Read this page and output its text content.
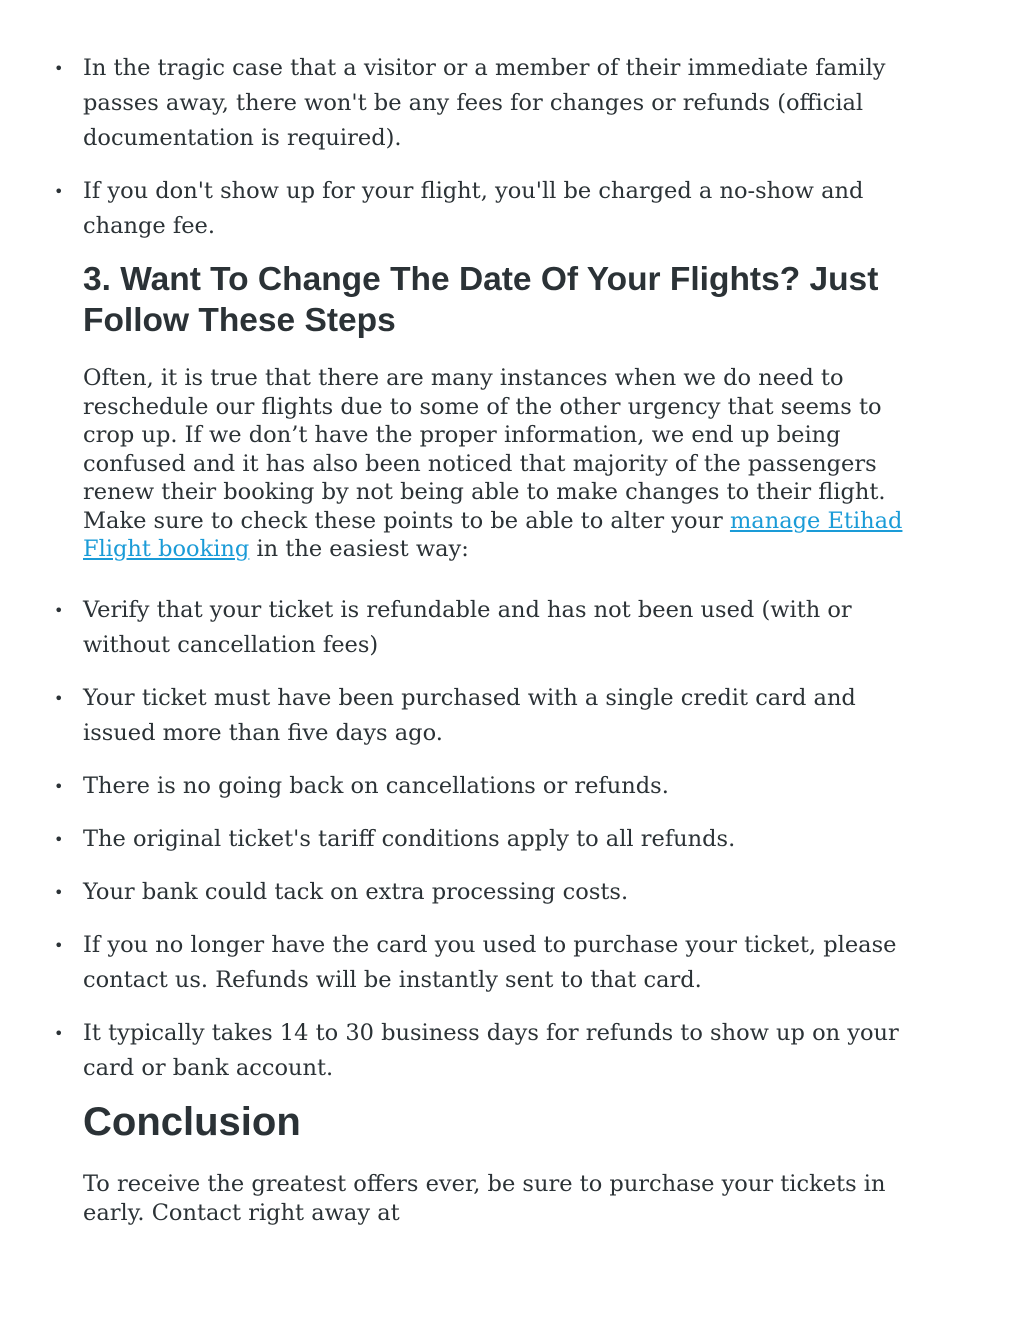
• In the tragic case that a visitor or a member of their immediate family passes away, there won't be any fees for changes or refunds (official documentation is required).
• If you don't show up for your flight, you'll be charged a no-show and change fee.
3. Want To Change The Date Of Your Flights? Just Follow These Steps

Often, it is true that there are many instances when we do need to reschedule our flights due to some of the other urgency that seems to crop up. If we don’t have the proper information, we end up being confused and it has also been noticed that majority of the passengers renew their booking by not being able to make changes to their flight. Make sure to check these points to be able to alter your manage Etihad Flight booking in the easiest way:

• Verify that your ticket is refundable and has not been used (with or without cancellation fees)
• Your ticket must have been purchased with a single credit card and issued more than five days ago.
• There is no going back on cancellations or refunds.
• The original ticket's tariff conditions apply to all refunds.
• Your bank could tack on extra processing costs.
• If you no longer have the card you used to purchase your ticket, please contact us. Refunds will be instantly sent to that card.
• It typically takes 14 to 30 business days for refunds to show up on your card or bank account.
Conclusion

To receive the greatest offers ever, be sure to purchase your tickets in early. Contact right away at
